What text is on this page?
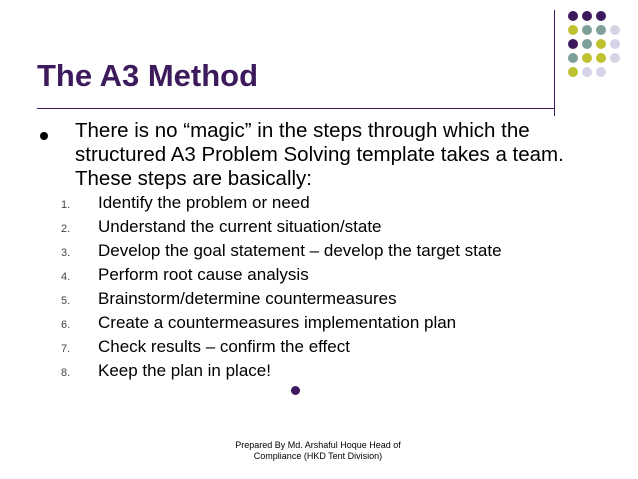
The A3 Method

There is no “magic” in the steps through which the structured A3 Problem Solving template takes a team. These steps are basically:

1. Identify the problem or need
2. Understand the current situation/state
3. Develop the goal statement – develop the target state
4. Perform root cause analysis
5. Brainstorm/determine countermeasures
6. Create a countermeasures implementation plan
7. Check results – confirm the effect
8. Keep the plan in place!
Prepared By Md. Arshaful Hoque Head of
Compliance (HKD Tent Division)
